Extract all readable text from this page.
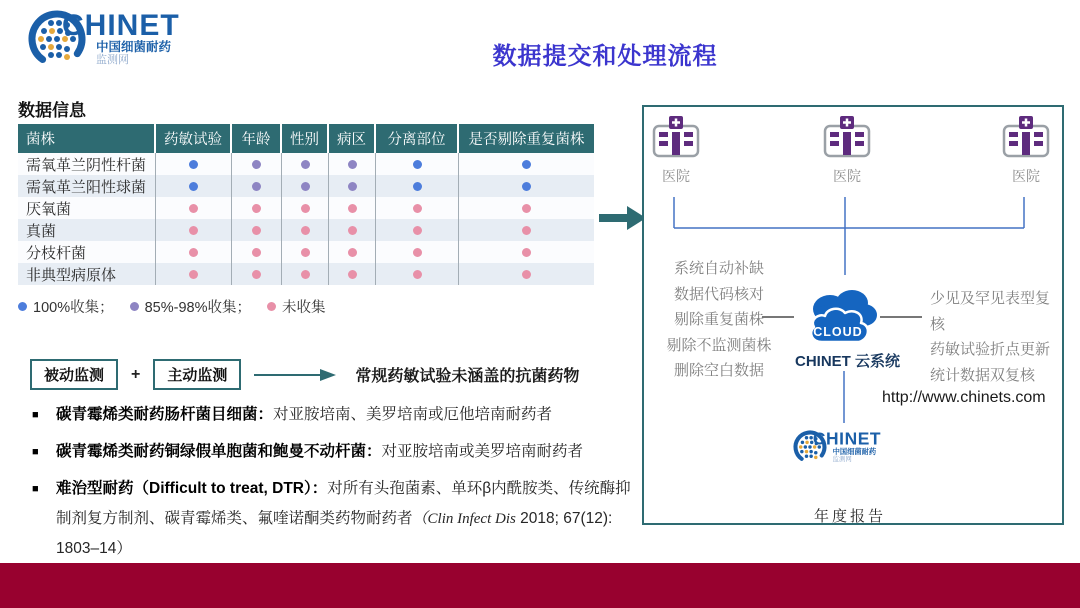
CHINET
中国细菌耐药
监测网	数据提交和处理流程
数据信息
菌株	药敏试验	年龄	性别	病区	分离部位	是否剔除重复菌株
需氧革兰阴性杆菌
需氧革兰阳性球菌
厌氧菌
真菌
分枝杆菌
非典型病原体
100%收集； 85%-98%收集； 未收集
被动监测	+	主动监测	常规药敏试验未涵盖的抗菌药物
■ 碳青霉烯类耐药肠杆菌目细菌：对亚胺培南、美罗培南或厄他培南耐药者
■ 碳青霉烯类耐药铜绿假单胞菌和鲍曼不动杆菌：对亚胺培南或美罗培南耐药者
■ 难治型耐药（Difficult to treat, DTR）：对所有头孢菌素、单环β内酰胺类、传统酶抑制剂复方制剂、碳青霉烯类、氟喹诺酮类药物耐药者（Clin Infect Dis 2018; 67(12): 1803–14）
医院	医院	医院
系统自动补缺
数据代码核对
剔除重复菌株
剔除不监测菌株
删除空白数据
少见及罕见表型复核
药敏试验折点更新
统计数据双复核
CLOUD
CHINET 云系统
http://www.chinets.com
CHINET
中国细菌耐药
监测网
年度报告
